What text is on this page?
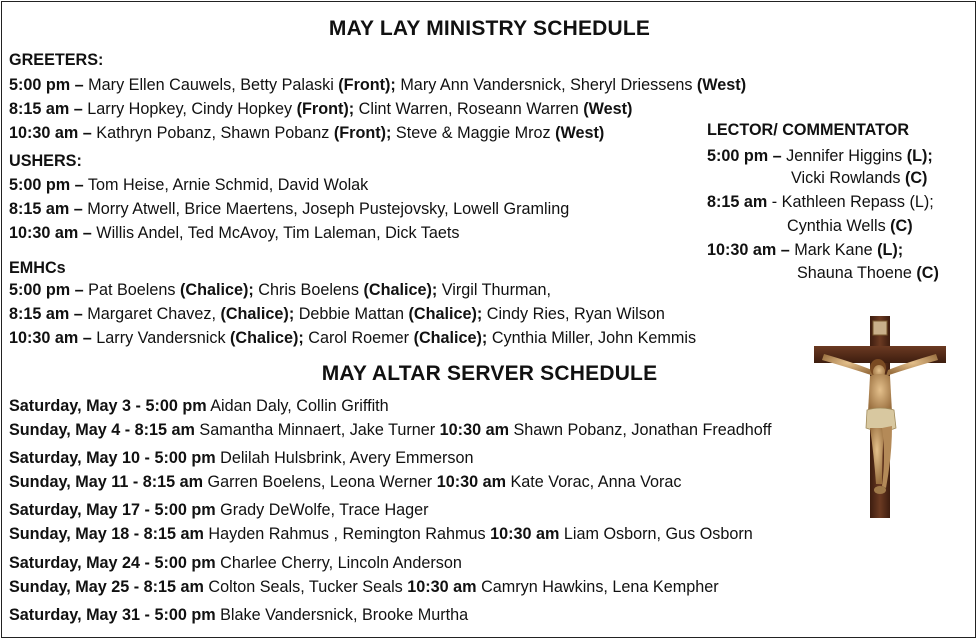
MAY LAY MINISTRY SCHEDULE
GREETERS:
5:00 pm – Mary Ellen Cauwels, Betty Palaski (Front); Mary Ann Vandersnick, Sheryl Driessens (West)
8:15 am – Larry Hopkey, Cindy Hopkey (Front); Clint Warren, Roseann Warren (West)
10:30 am – Kathryn Pobanz, Shawn Pobanz (Front); Steve & Maggie Mroz (West)
USHERS:
5:00 pm – Tom Heise, Arnie Schmid, David Wolak
8:15 am – Morry Atwell, Brice Maertens, Joseph Pustejovsky, Lowell Gramling
10:30 am – Willis Andel, Ted McAvoy, Tim Laleman, Dick Taets
EMHCs
5:00 pm – Pat Boelens (Chalice); Chris Boelens (Chalice); Virgil Thurman,
8:15 am – Margaret Chavez, (Chalice); Debbie Mattan (Chalice); Cindy Ries, Ryan Wilson
10:30 am – Larry Vandersnick (Chalice); Carol Roemer (Chalice); Cynthia Miller, John Kemmis
LECTOR/ COMMENTATOR
5:00 pm – Jennifer Higgins (L);
Vicki Rowlands (C)
8:15 am - Kathleen Repass (L);
Cynthia Wells (C)
10:30 am – Mark Kane (L);
Shauna Thoene (C)
MAY ALTAR SERVER SCHEDULE
Saturday, May 3 - 5:00 pm Aidan Daly, Collin Griffith
Sunday, May 4 - 8:15 am Samantha Minnaert, Jake Turner 10:30 am Shawn Pobanz, Jonathan Freadhoff
Saturday, May 10 - 5:00 pm Delilah Hulsbrink, Avery Emmerson
Sunday, May 11 - 8:15 am Garren Boelens, Leona Werner 10:30 am Kate Vorac, Anna Vorac
Saturday, May 17 - 5:00 pm Grady DeWolfe, Trace Hager
Sunday, May 18 - 8:15 am Hayden Rahmus , Remington Rahmus 10:30 am Liam Osborn, Gus Osborn
Saturday, May 24 - 5:00 pm Charlee Cherry, Lincoln Anderson
Sunday, May 25 - 8:15 am Colton Seals, Tucker Seals 10:30 am Camryn Hawkins, Lena Kempher
Saturday, May 31 - 5:00 pm Blake Vandersnick, Brooke Murtha
